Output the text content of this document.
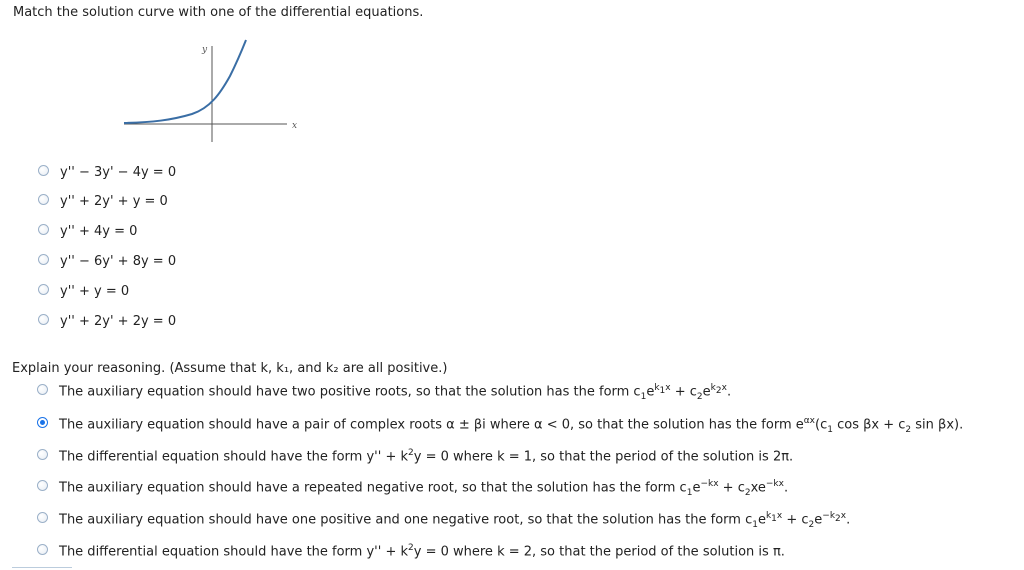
Match the solution curve with one of the differential equations.
y
x
y'' − 3y' − 4y = 0
y'' + 2y' + y = 0
y'' + 4y = 0
y'' − 6y' + 8y = 0
y'' + y = 0
y'' + 2y' + 2y = 0
Explain your reasoning. (Assume that k, k₁, and k₂ are all positive.)
The auxiliary equation should have two positive roots, so that the solution has the form $c_1e^{k_1x} + c_2e^{k_2x}$.
The auxiliary equation should have a pair of complex roots α ± βi where α < 0, so that the solution has the form $e^{\alpha x}(c_1$ $\cos \beta x + c_2$ sin βx).
The differential equation should have the form $y'' + k^2y = 0$ where k = 1, so that the period of the solution is 2π.
The auxiliary equation should have a repeated negative root, so that the solution has the form $c_1e^{-kx} + c_2xe^{-kx}$.
The auxiliary equation should have one positive and one negative root, so that the solution has the form $c_1e^{k_1x} + c_2e^{-k_2x}$.
The differential equation should have the form $y'' + k^2y = 0$ where k = 2, so that the period of the solution is π.
